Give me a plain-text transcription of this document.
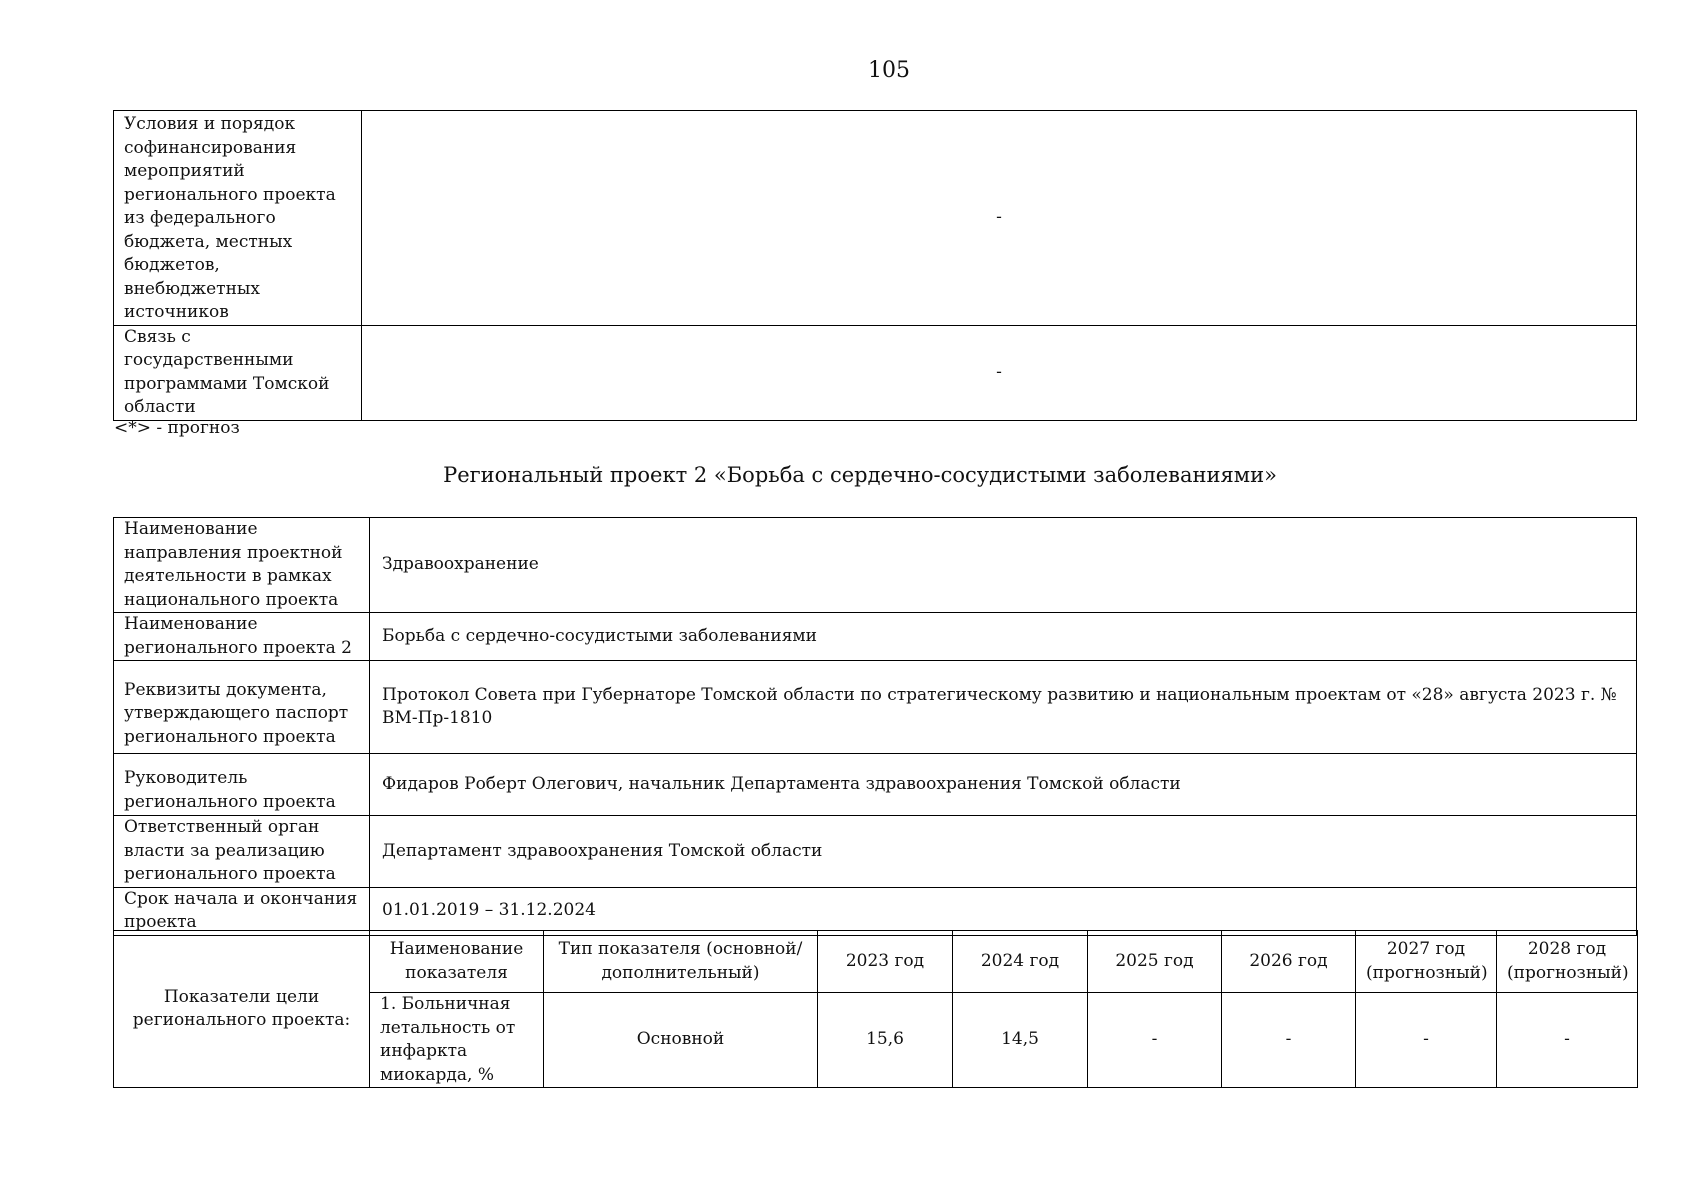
105
Условия и порядок софинансирования мероприятий регионального проекта из федерального бюджета, местных бюджетов, внебюджетных источников	-
Связь с государственными программами Томской области	-
<*> - прогноз
Региональный проект 2 «Борьба с сердечно-сосудистыми заболеваниями»
Наименование направления проектной деятельности в рамках национального проекта	Здравоохранение
Наименование регионального проекта 2	Борьба с сердечно-сосудистыми заболеваниями
Реквизиты документа, утверждающего паспорт регионального проекта	Протокол Совета при Губернаторе Томской области по стратегическому развитию и национальным проектам от «28» августа 2023 г. № ВМ-Пр-1810
Руководитель регионального проекта	Фидаров Роберт Олегович, начальник Департамента здравоохранения Томской области
Ответственный орган власти за реализацию регионального проекта	Департамент здравоохранения Томской области
Срок начала и окончания проекта	01.01.2019 – 31.12.2024
Показатели цели регионального проекта:	Наименование показателя	Тип показателя (основной/дополнительный)	2023 год	2024 год	2025 год	2026 год	2027 год (прогнозный)	2028 год (прогнозный)
	1. Больничная летальность от инфаркта миокарда, %	Основной	15,6	14,5	-	-	-	-
